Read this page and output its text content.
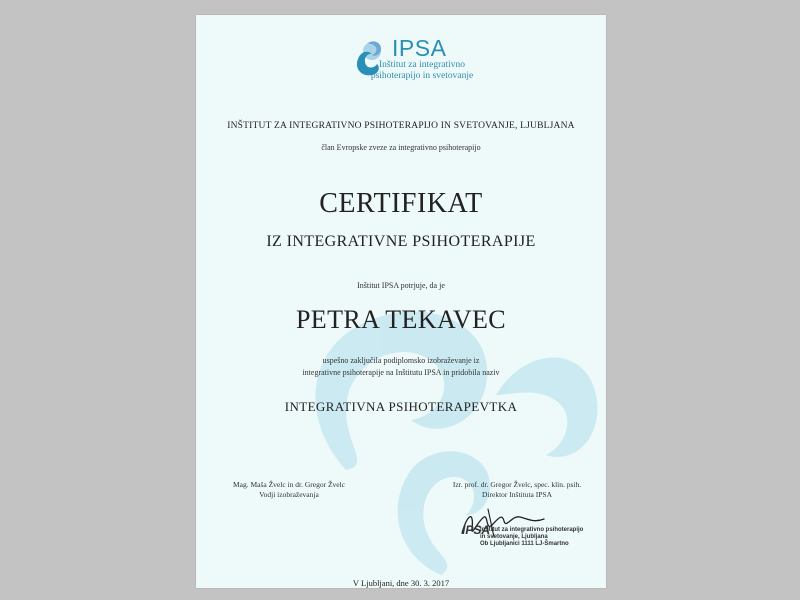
IPSA
Inštitut za integrativno
psihoterapijo in svetovanje
INŠTITUT ZA INTEGRATIVNO PSIHOTERAPIJO IN SVETOVANJE, LJUBLJANA
član Evropske zveze za integrativno psihoterapijo
CERTIFIKAT
IZ INTEGRATIVNE PSIHOTERAPIJE
Inštitut IPSA potrjuje, da je
PETRA TEKAVEC
uspešno zaključila podiplomsko izobraževanje iz
integrativne psihoterapije na Inštitutu IPSA in pridobila naziv
INTEGRATIVNA PSIHOTERAPEVTKA
Mag. Maša Žvelc in dr. Gregor Žvelc
Vodji izobraževanja
Izr. prof. dr. Gregor Žvelc, spec. klin. psih.
Direktor Inštituta IPSA
IPSA
Inštitut za integrativno psihoterapijo
in svetovanje, Ljubljana
Ob Ljubljanici 1111 LJ-Šmartno
V Ljubljani, dne 30. 3. 2017
